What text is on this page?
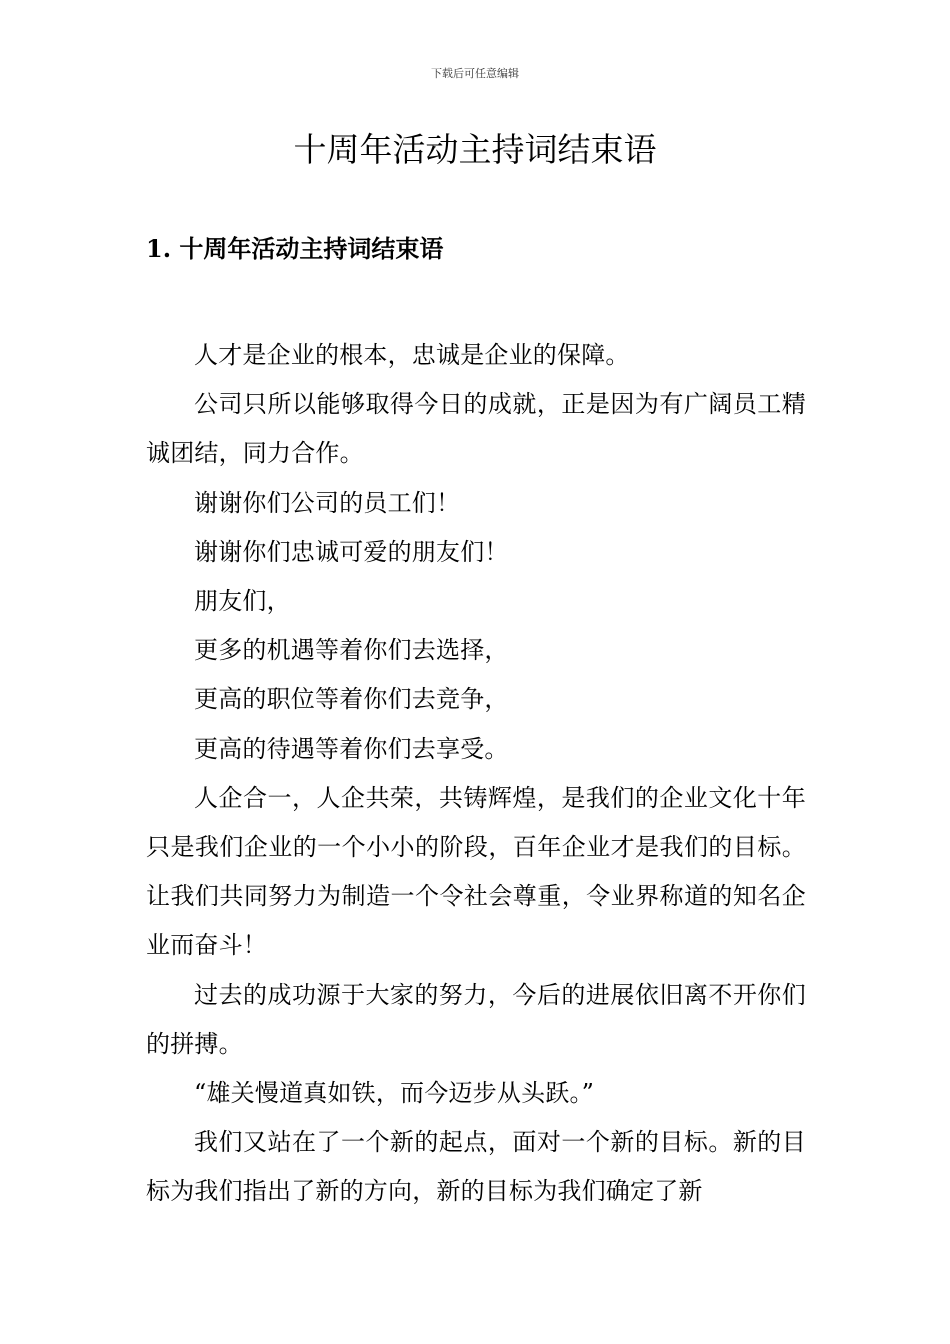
下载后可任意编辑
十周年活动主持词结束语
1. 十周年活动主持词结束语

人才是企业的根本，忠诚是企业的保障。

公司只所以能够取得今日的成就，正是因为有广阔员工精诚团结，同力合作。

谢谢你们公司的员工们！

谢谢你们忠诚可爱的朋友们！

朋友们，

更多的机遇等着你们去选择，

更高的职位等着你们去竞争，

更高的待遇等着你们去享受。

人企合一，人企共荣，共铸辉煌，是我们的企业文化十年只是我们企业的一个小小的阶段，百年企业才是我们的目标。让我们共同努力为制造一个令社会尊重，令业界称道的知名企业而奋斗！

过去的成功源于大家的努力，今后的进展依旧离不开你们的拼搏。

“雄关慢道真如铁，而今迈步从头跃。”

我们又站在了一个新的起点，面对一个新的目标。新的目标为我们指出了新的方向，新的目标为我们确定了新
